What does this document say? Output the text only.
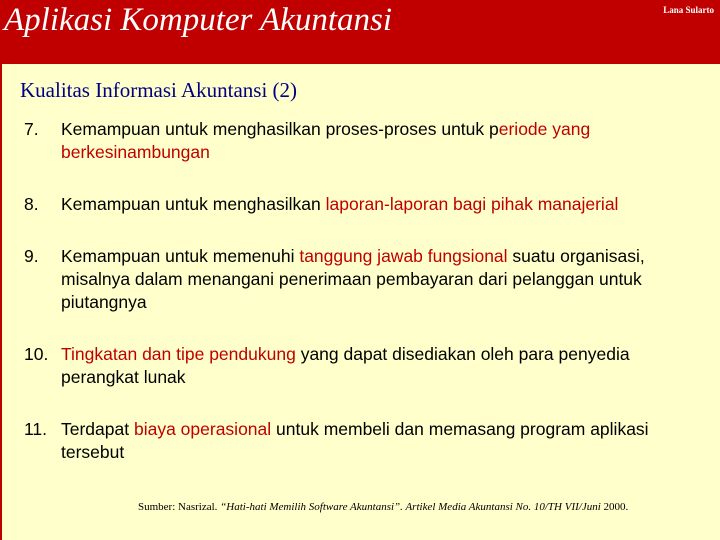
Aplikasi Komputer Akuntansi	Lana Sularto
Kualitas Informasi Akuntansi (2)
7. Kemampuan untuk menghasilkan proses-proses untuk periode yang berkesinambungan
8. Kemampuan untuk menghasilkan laporan-laporan bagi pihak manajerial
9. Kemampuan untuk memenuhi tanggung jawab fungsional suatu organisasi, misalnya dalam menangani penerimaan pembayaran dari pelanggan untuk piutangnya
10. Tingkatan dan tipe pendukung yang dapat disediakan oleh para penyedia perangkat lunak
11. Terdapat biaya operasional untuk membeli dan memasang program aplikasi tersebut
Sumber: Nasrizal. “Hati-hati Memilih Software Akuntansi”. Artikel Media Akuntansi No. 10/TH VII/Juni 2000.
